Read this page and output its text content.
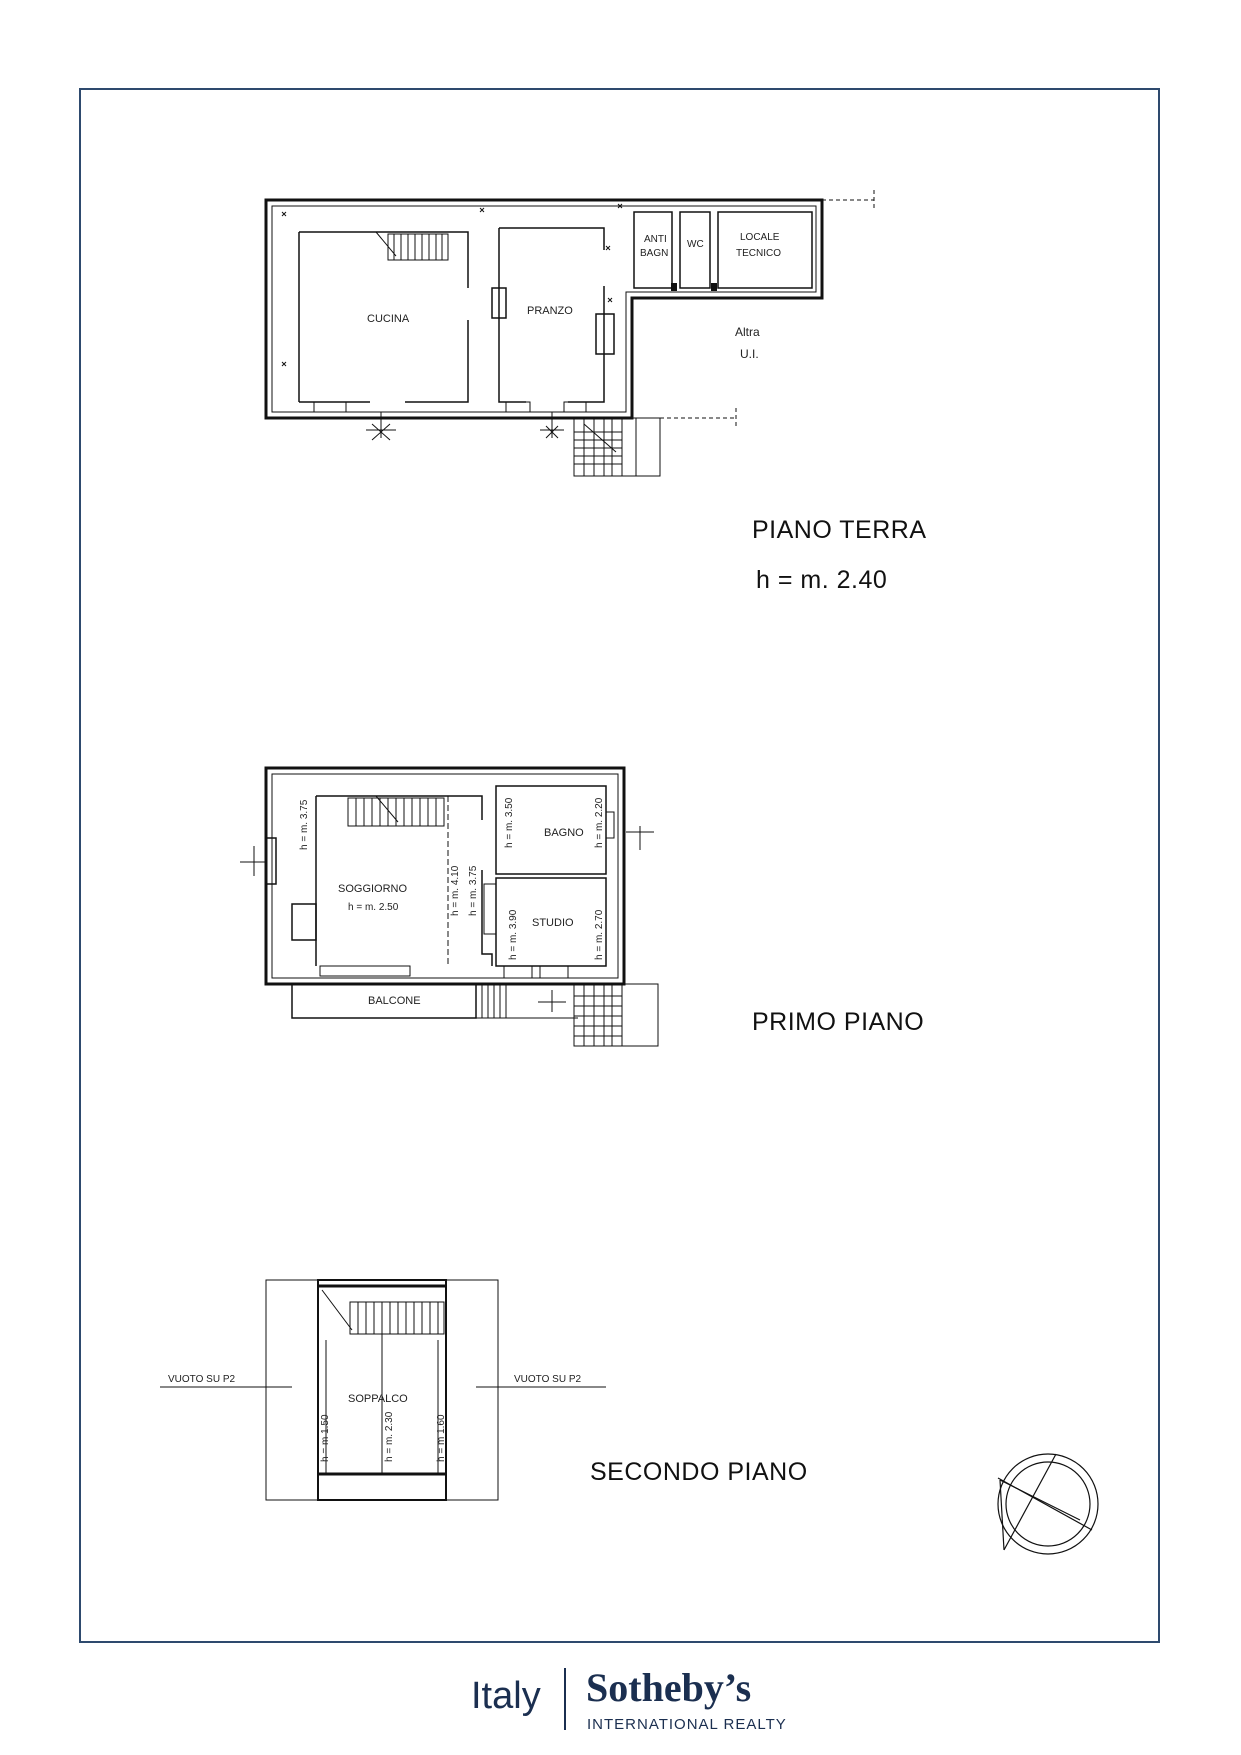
CUCINA
PRANZO
ANTI
BAGN
WC
LOCALE
TECNICO
Altra
U.I.
SOGGIORNO
h = m. 2.50
BAGNO
STUDIO
BALCONE
h = m. 3.75
h = m. 4.10 h = m. 3.75
h = m. 3.50	h = m. 2.20
h = m. 3.90	h = m. 2.70
SOPPALCO
VUOTO SU P2	VUOTO SU P2
h = m 1.50	h = m. 2.30	h = m 1.60
PIANO TERRA
h = m. 2.40
PRIMO PIANO
SECONDO PIANO
Italy Sotheby’s
INTERNATIONAL REALTY
